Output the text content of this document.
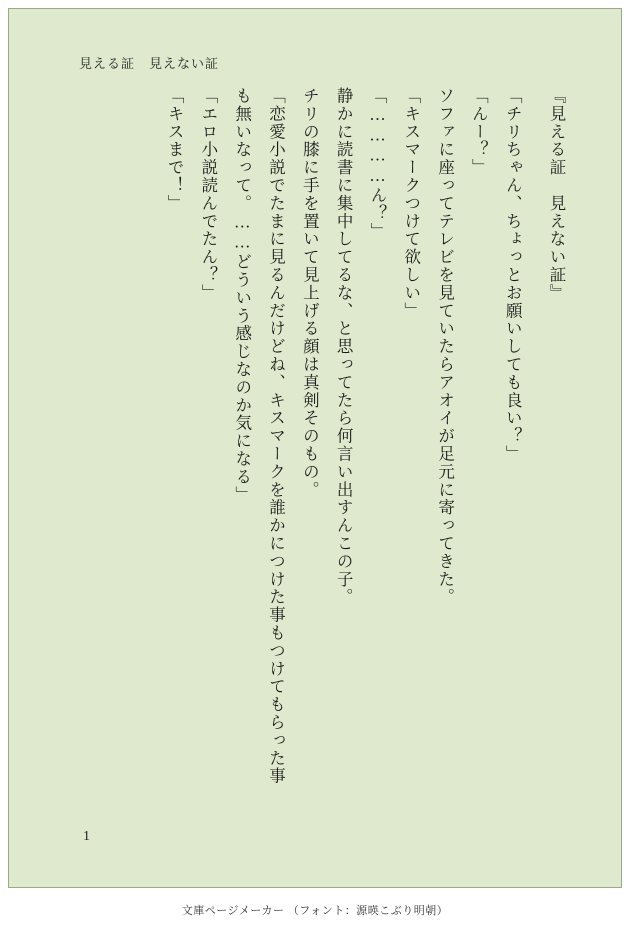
見える証　見えない証

『見える証　見えない証』

「チリちゃん、ちょっとお願いしても良い？」

「んー？」

ソファに座ってテレビを見ていたらアオイが足元に寄ってきた。

「キスマークつけて欲しい」

「…………ん？」

静かに読書に集中してるな、と思ってたら何言い出すんこの子。

チリの膝に手を置いて見上げる顔は真剣そのもの。

「恋愛小説でたまに見るんだけどね、キスマークを誰かにつけた事もつけてもらった事も無いなって。……どういう感じなのか気になる」

「エロ小説読んでたん？」

「キスまで！」

1
文庫ページメーカー （フォント：源暎こぶり明朝）
